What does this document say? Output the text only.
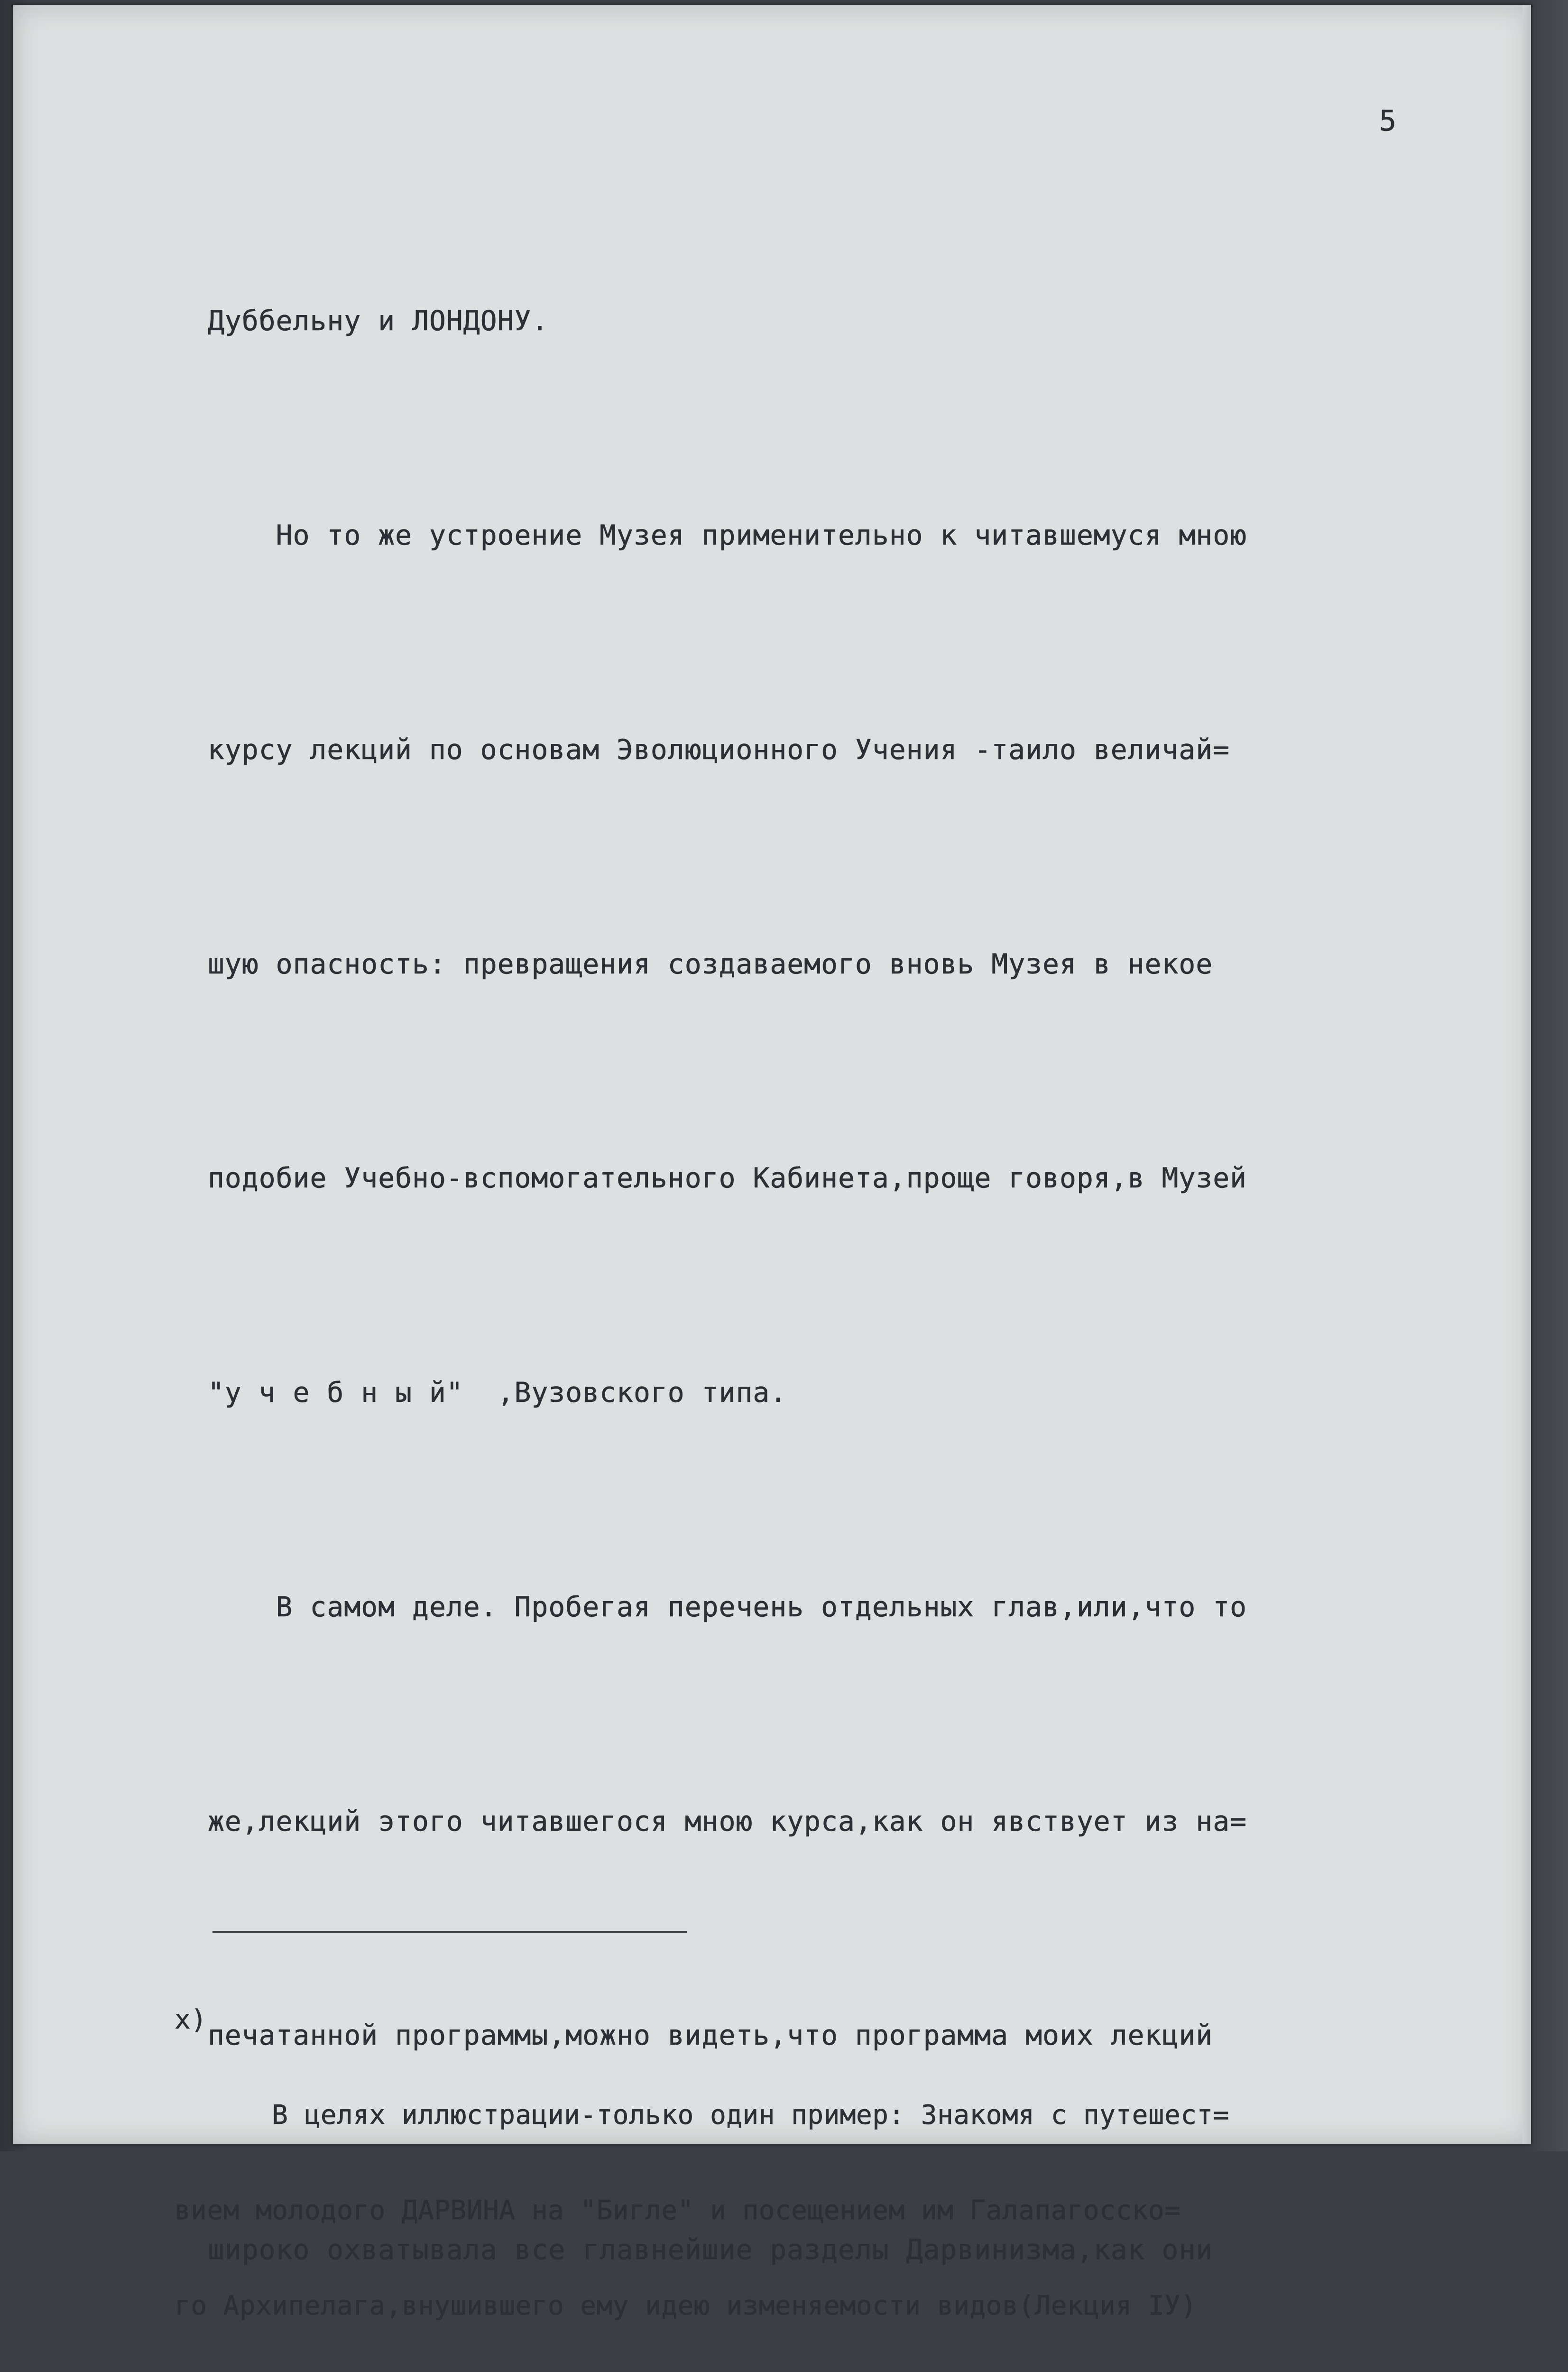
5

Дуббельну и ЛОНДОНУ.

Но то же устроение Музея применительно к читавшемуся мною

курсу лекций по основам Эволюционного Учения -таило величай=

шую опасность: превращения создаваемого вновь Музея в некое

подобие Учебно-вспомогательного Кабинета,проще говоря,в Музей

"у ч е б н ы й"  ,Вузовского типа.

В самом деле. Пробегая перечень отдельных глав,или,что то

же,лекций этого читавшегося мною курса,как он явствует из на=

печатанной программы,можно видеть,что программа моих лекций

широко охватывала все главнейшие разделы Дарвинизма,как они

x)

В целях иллюстрации-только один пример: Знакомя с путешест=

вием молодого ДАРВИНА на "Бигле" и посещением им Галапагосско=

го Архипелага,внушившего ему идею изменяемости видов(Лекция IУ)
